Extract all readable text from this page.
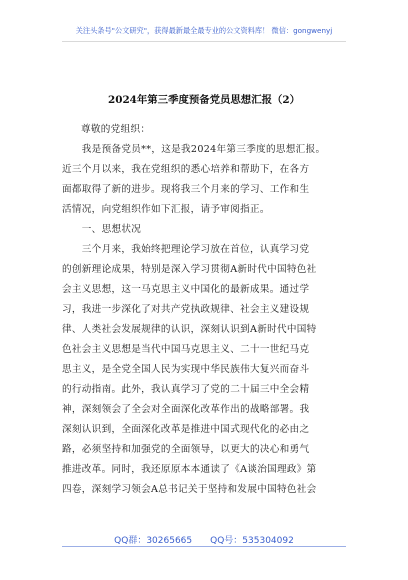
关注头条号"公文研究"，获得最新最全最专业的公文资料库！ 微信：gongwenyj
2024年第三季度预备党员思想汇报（2）

尊敬的党组织：

　　我是预备党员**，这是我2024年第三季度的思想汇报。

近三个月以来，我在党组织的悉心培养和帮助下，在各方

面都取得了新的进步。现将我三个月来的学习、工作和生

活情况，向党组织作如下汇报，请予审阅指正。

　　一、思想状况

　　三个月来，我始终把理论学习放在首位，认真学习党

的创新理论成果，特别是深入学习贯彻A新时代中国特色社

会主义思想，这一马克思主义中国化的最新成果。通过学

习，我进一步深化了对共产党执政规律、社会主义建设规

律、人类社会发展规律的认识，深刻认识到A新时代中国特

色社会主义思想是当代中国马克思主义、二十一世纪马克

思主义，是全党全国人民为实现中华民族伟大复兴而奋斗

的行动指南。此外，我认真学习了党的二十届三中全会精

神，深刻领会了全会对全面深化改革作出的战略部署。我

深刻认识到，全面深化改革是推进中国式现代化的必由之

路，必须坚持和加强党的全面领导，以更大的决心和勇气

推进改革。同时，我还原原本本通读了《A谈治国理政》第

四卷，深刻学习领会A总书记关于坚持和发展中国特色社会

QQ群：30265665　　QQ号：535304092
